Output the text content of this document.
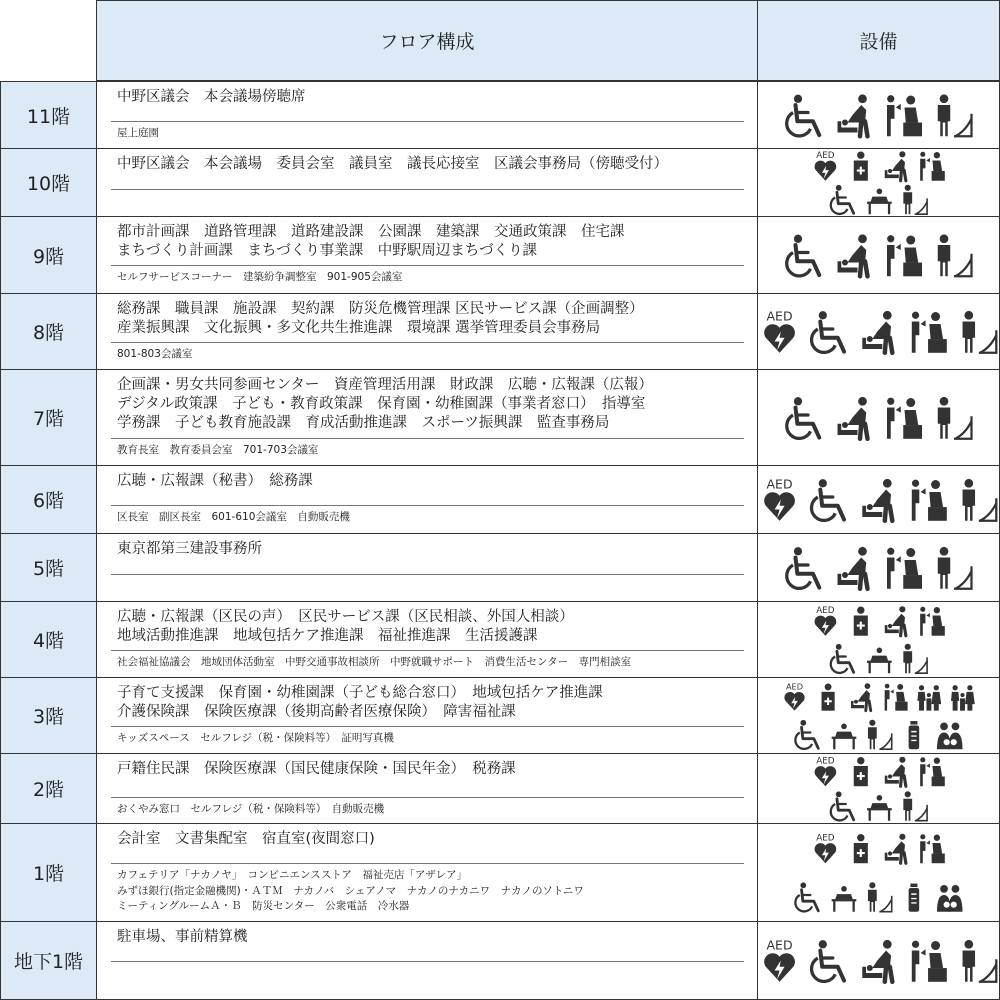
フロア構成	設備
11階
中野区議会　本会議場傍聴席
屋上庭園
10階
中野区議会　本会議場　委員会室　議員室　議長応接室　区議会事務局（傍聴受付）
9階
都市計画課　道路管理課　道路建設課　公園課　建築課　交通政策課　住宅課
まちづくり計画課　まちづくり事業課　中野駅周辺まちづくり課
セルフサービスコーナー　建築紛争調整室　901-905会議室
8階
総務課　職員課　施設課　契約課　防災危機管理課 区民サービス課（企画調整）
産業振興課　文化振興・多文化共生推進課　環境課 選挙管理委員会事務局
801-803会議室
7階
企画課・男女共同参画センター　資産管理活用課　財政課　広聴・広報課（広報）
デジタル政策課　子ども・教育政策課　保育園・幼稚園課（事業者窓口）　指導室
学務課　子ども教育施設課　育成活動推進課　スポーツ振興課　監査事務局
教育長室　教育委員会室　701-703会議室
6階
広聴・広報課（秘書）　総務課
区長室　副区長室　601-610会議室　自動販売機
5階
東京都第三建設事務所
4階
広聴・広報課（区民の声）　区民サービス課（区民相談、外国人相談）
地域活動推進課　地域包括ケア推進課　福祉推進課　生活援護課
社会福祉協議会　地域団体活動室　中野交通事故相談所　中野就職サポート　消費生活センター　専門相談室
3階
子育て支援課　保育園・幼稚園課（子ども総合窓口）　地域包括ケア推進課
介護保険課　保険医療課（後期高齢者医療保険）　障害福祉課
キッズスペース　セルフレジ（税・保険料等）　証明写真機
2階
戸籍住民課　保険医療課（国民健康保険・国民年金）　税務課
おくやみ窓口　セルフレジ（税・保険料等）　自動販売機
1階
会計室　文書集配室　宿直室(夜間窓口)
カフェテリア「ナカノヤ」　コンビニエンスストア　福祉売店「アザレア」
みずほ銀行(指定金融機関)・ＡＴＭ　ナカノバ　シェアノマ　ナカノのナカニワ　ナカノのソトニワ
ミーティングルームＡ・Ｂ　防災センター　公衆電話　冷水器
地下1階
駐車場、事前精算機
